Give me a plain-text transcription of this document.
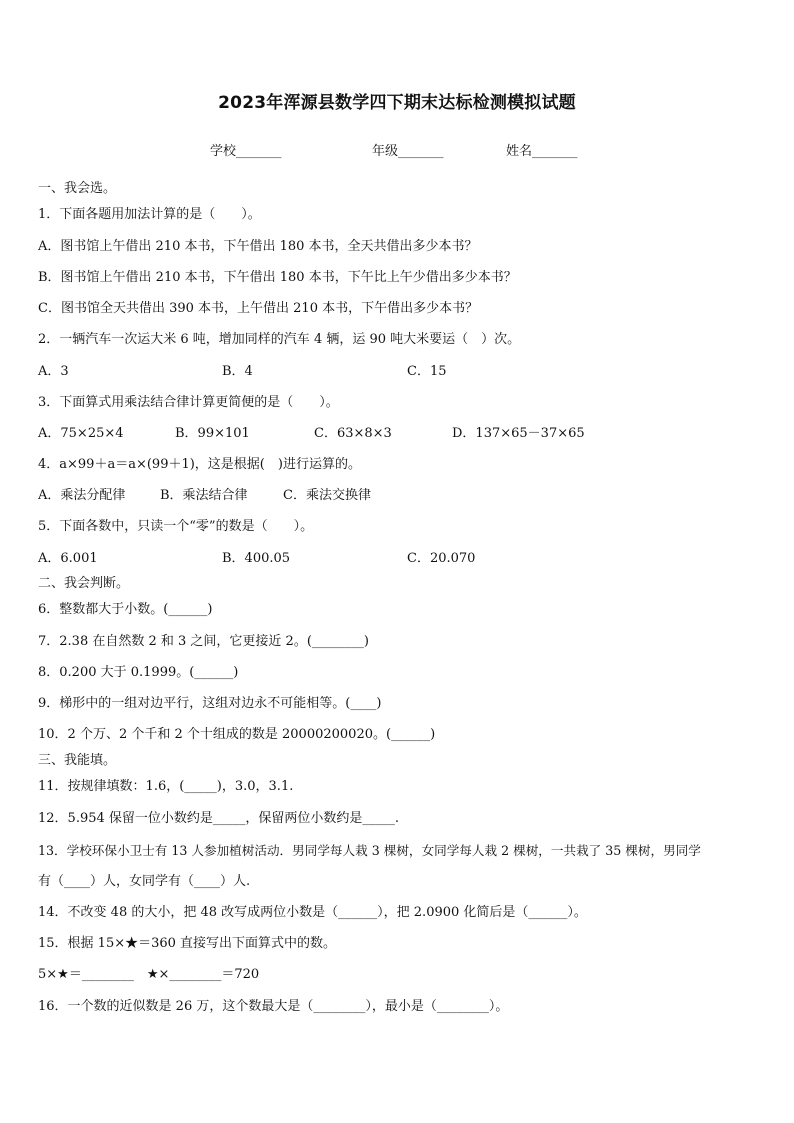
2023年浑源县数学四下期末达标检测模拟试题
学校_______	年级_______	姓名_______
一、我会选。
1．下面各题用加法计算的是（　　）。
A．图书馆上午借出 210 本书，下午借出 180 本书，全天共借出多少本书？
B．图书馆上午借出 210 本书，下午借出 180 本书，下午比上午少借出多少本书？
C．图书馆全天共借出 390 本书，上午借出 210 本书，下午借出多少本书？
2．一辆汽车一次运大米 6 吨，增加同样的汽车 4 辆，运 90 吨大米要运（　）次。
A．3	B．4	C．15
3．下面算式用乘法结合律计算更简便的是（　　）。
A．75×25×4	B．99×101	C．63×8×3	D．137×65－37×65
4．a×99＋a＝a×(99＋1)，这是根据(　)进行运算的。
A．乘法分配律	B．乘法结合律	C．乘法交换律
5．下面各数中，只读一个“零”的数是（　　）。
A．6.001	B．400.05	C．20.070
二、我会判断。
6．整数都大于小数。(______)
7．2.38 在自然数 2 和 3 之间，它更接近 2。(________)
8．0.200 大于 0.1999。(______)
9．梯形中的一组对边平行，这组对边永不可能相等。(____)
10．2 个万、2 个千和 2 个十组成的数是 20000200020。(______)
三、我能填。
11．按规律填数：1.6，(_____)，3.0，3.1.
12．5.954 保留一位小数约是_____，保留两位小数约是_____.
13．学校环保小卫士有 13 人参加植树活动．男同学每人栽 3 棵树，女同学每人栽 2 棵树，一共栽了 35 棵树，男同学
有（____）人，女同学有（____）人.
14．不改变 48 的大小，把 48 改写成两位小数是（______），把 2.0900 化简后是（______）。
15．根据 15×★＝360 直接写出下面算式中的数。
5×★＝________　★×________＝720
16．一个数的近似数是 26 万，这个数最大是（________），最小是（________）。
